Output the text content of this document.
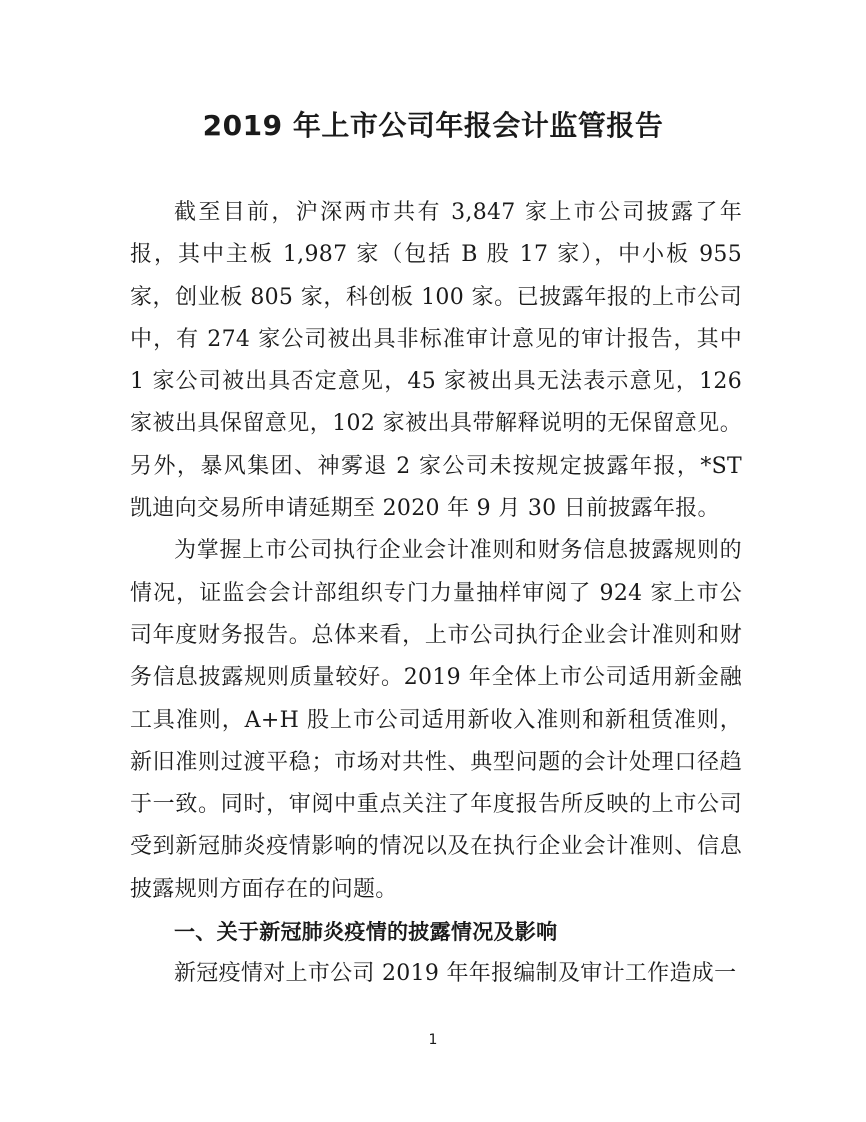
2019 年上市公司年报会计监管报告

截至目前，沪深两市共有 3,847 家上市公司披露了年报，其中主板 1,987 家（包括 B 股 17 家），中小板 955 家，创业板 805 家，科创板 100 家。已披露年报的上市公司中，有 274 家公司被出具非标准审计意见的审计报告，其中 1 家公司被出具否定意见，45 家被出具无法表示意见，126 家被出具保留意见，102 家被出具带解释说明的无保留意见。另外，暴风集团、神雾退 2 家公司未按规定披露年报，*ST 凯迪向交易所申请延期至 2020 年 9 月 30 日前披露年报。

为掌握上市公司执行企业会计准则和财务信息披露规则的情况，证监会会计部组织专门力量抽样审阅了 924 家上市公司年度财务报告。总体来看，上市公司执行企业会计准则和财务信息披露规则质量较好。2019 年全体上市公司适用新金融工具准则，A+H 股上市公司适用新收入准则和新租赁准则，新旧准则过渡平稳；市场对共性、典型问题的会计处理口径趋于一致。同时，审阅中重点关注了年度报告所反映的上市公司受到新冠肺炎疫情影响的情况以及在执行企业会计准则、信息披露规则方面存在的问题。

一、关于新冠肺炎疫情的披露情况及影响

新冠疫情对上市公司 2019 年年报编制及审计工作造成一

1
